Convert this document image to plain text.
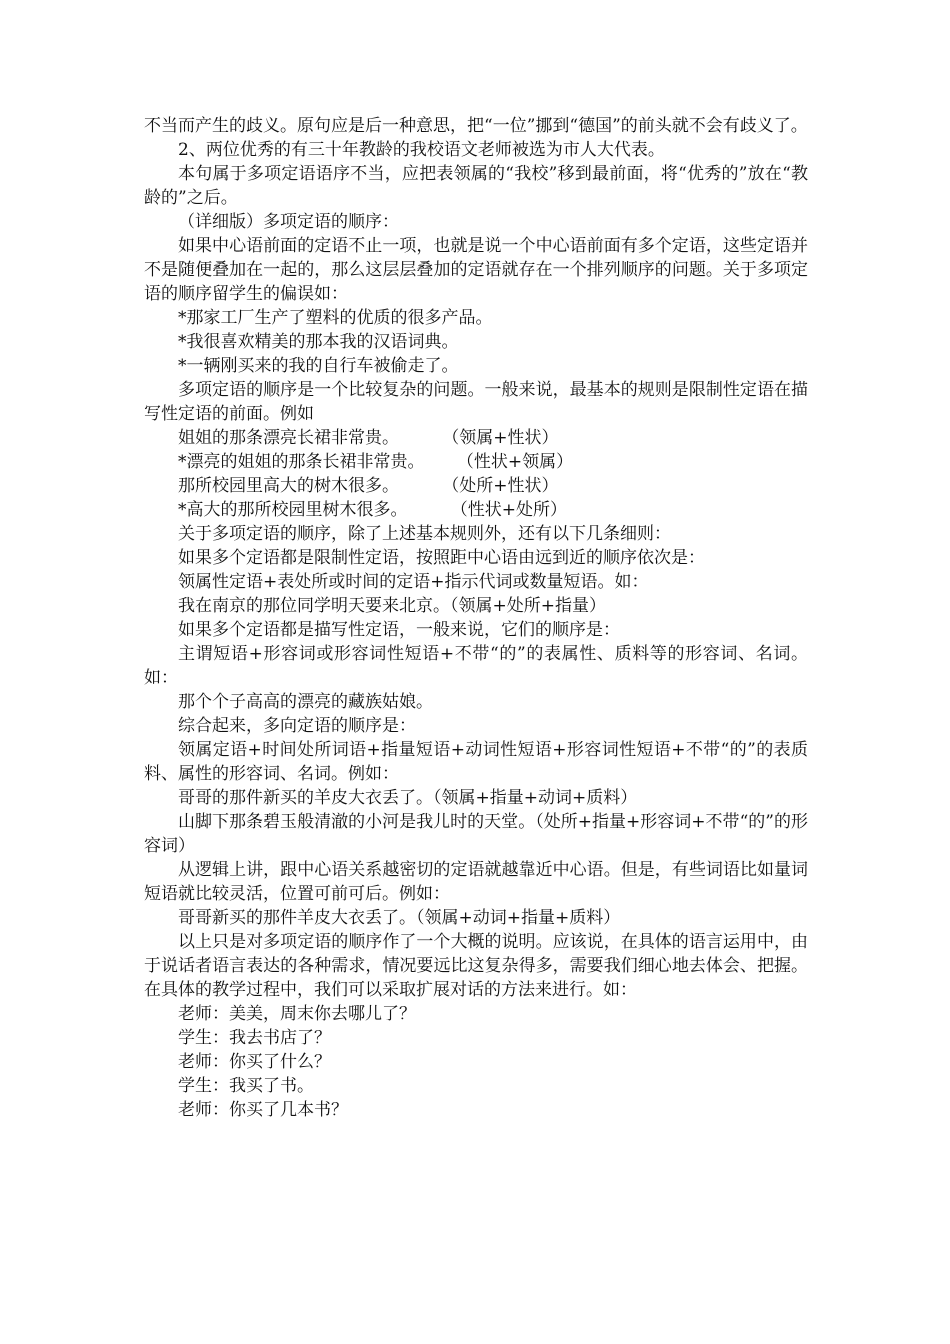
不当而产生的歧义。原句应是后一种意思，把“一位”挪到“德国”的前头就不会有歧义了。

2、两位优秀的有三十年教龄的我校语文老师被选为市人大代表。

本句属于多项定语语序不当，应把表领属的“我校”移到最前面，将“优秀的”放在“教龄的”之后。

（详细版）多项定语的顺序：

如果中心语前面的定语不止一项，也就是说一个中心语前面有多个定语，这些定语并不是随便叠加在一起的，那么这层层叠加的定语就存在一个排列顺序的问题。关于多项定语的顺序留学生的偏误如：

*那家工厂生产了塑料的优质的很多产品。

*我很喜欢精美的那本我的汉语词典。

*一辆刚买来的我的自行车被偷走了。

多项定语的顺序是一个比较复杂的问题。一般来说，最基本的规则是限制性定语在描写性定语的前面。例如

姐姐的那条漂亮长裙非常贵。        （领属+性状）

*漂亮的姐姐的那条长裙非常贵。      （性状+领属）

那所校园里高大的树木很多。        （处所+性状）

*高大的那所校园里树木很多。        （性状+处所）

关于多项定语的顺序，除了上述基本规则外，还有以下几条细则：

如果多个定语都是限制性定语，按照距中心语由远到近的顺序依次是：

领属性定语+表处所或时间的定语+指示代词或数量短语。如：

我在南京的那位同学明天要来北京。（领属+处所+指量）

如果多个定语都是描写性定语，一般来说，它们的顺序是：

主谓短语+形容词或形容词性短语+不带“的”的表属性、质料等的形容词、名词。如：

那个个子高高的漂亮的藏族姑娘。

综合起来，多向定语的顺序是：

领属定语+时间处所词语+指量短语+动词性短语+形容词性短语+不带“的”的表质料、属性的形容词、名词。例如：

哥哥的那件新买的羊皮大衣丢了。（领属+指量+动词+质料）

山脚下那条碧玉般清澈的小河是我儿时的天堂。（处所+指量+形容词+不带“的”的形容词）

从逻辑上讲，跟中心语关系越密切的定语就越靠近中心语。但是，有些词语比如量词短语就比较灵活，位置可前可后。例如：

哥哥新买的那件羊皮大衣丢了。（领属+动词+指量+质料）

以上只是对多项定语的顺序作了一个大概的说明。应该说，在具体的语言运用中，由于说话者语言表达的各种需求，情况要远比这复杂得多，需要我们细心地去体会、把握。在具体的教学过程中，我们可以采取扩展对话的方法来进行。如：

老师：美美，周末你去哪儿了？

学生：我去书店了？

老师：你买了什么？

学生：我买了书。

老师：你买了几本书？
